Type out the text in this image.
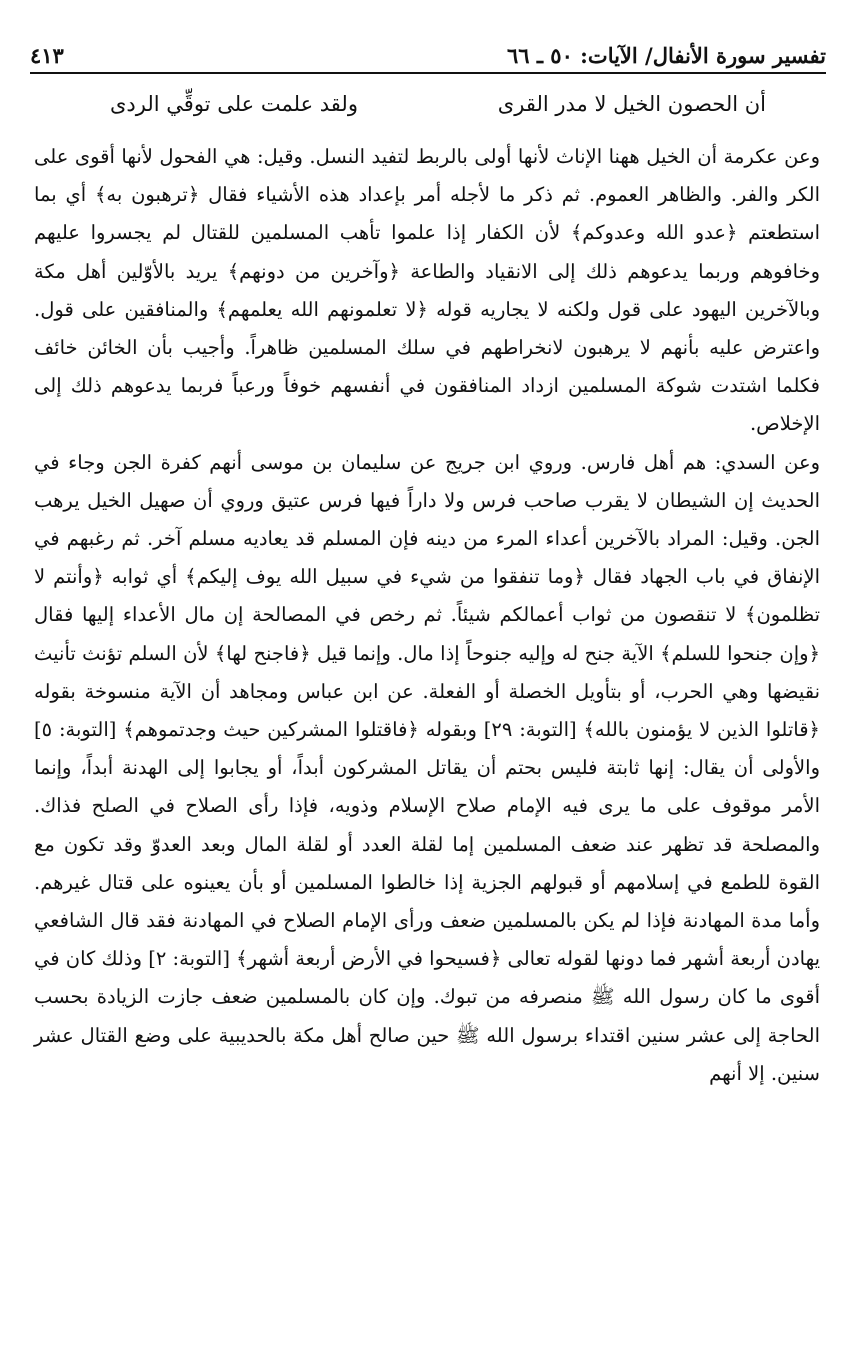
٤١٣	تفسير سورة الأنفال/ الآيات: ٥٠ ـ ٦٦
ولقد علمت على توقِّي الردى	أن الحصون الخيل لا مدر القرى

وعن عكرمة أن الخيل ههنا الإناث لأنها أولى بالربط لتفيد النسل. وقيل: هي الفحول لأنها أقوى على الكر والفر. والظاهر العموم. ثم ذكر ما لأجله أمر بإعداد هذه الأشياء فقال ﴿ترهبون به﴾ أي بما استطعتم ﴿عدو الله وعدوكم﴾ لأن الكفار إذا علموا تأهب المسلمين للقتال لم يجسروا عليهم وخافوهم وربما يدعوهم ذلك إلى الانقياد والطاعة ﴿وآخرين من دونهم﴾ يريد بالأوّلين أهل مكة وبالآخرين اليهود على قول ولكنه لا يجاريه قوله ﴿لا تعلمونهم الله يعلمهم﴾ والمنافقين على قول. واعترض عليه بأنهم لا يرهبون لانخراطهم في سلك المسلمين ظاهراً. وأجيب بأن الخائن خائف فكلما اشتدت شوكة المسلمين ازداد المنافقون في أنفسهم خوفاً ورعباً فربما يدعوهم ذلك إلى الإخلاص.

وعن السدي: هم أهل فارس. وروي ابن جريج عن سليمان بن موسى أنهم كفرة الجن وجاء في الحديث إن الشيطان لا يقرب صاحب فرس ولا داراً فيها فرس عتيق وروي أن صهيل الخيل يرهب الجن. وقيل: المراد بالآخرين أعداء المرء من دينه فإن المسلم قد يعاديه مسلم آخر. ثم رغبهم في الإنفاق في باب الجهاد فقال ﴿وما تنفقوا من شيء في سبيل الله يوف إليكم﴾ أي ثوابه ﴿وأنتم لا تظلمون﴾ لا تنقصون من ثواب أعمالكم شيئاً. ثم رخص في المصالحة إن مال الأعداء إليها فقال ﴿وإن جنحوا للسلم﴾ الآية جنح له وإليه جنوحاً إذا مال. وإنما قيل ﴿فاجنح لها﴾ لأن السلم تؤنث تأنيث نقيضها وهي الحرب، أو بتأويل الخصلة أو الفعلة. عن ابن عباس ومجاهد أن الآية منسوخة بقوله ﴿قاتلوا الذين لا يؤمنون بالله﴾ [التوبة: ٢٩] وبقوله ﴿فاقتلوا المشركين حيث وجدتموهم﴾ [التوبة: ٥] والأولى أن يقال: إنها ثابتة فليس بحتم أن يقاتل المشركون أبداً، أو يجابوا إلى الهدنة أبداً، وإنما الأمر موقوف على ما يرى فيه الإمام صلاح الإسلام وذويه، فإذا رأى الصلاح في الصلح فذاك. والمصلحة قد تظهر عند ضعف المسلمين إما لقلة العدد أو لقلة المال وبعد العدوّ وقد تكون مع القوة للطمع في إسلامهم أو قبولهم الجزية إذا خالطوا المسلمين أو بأن يعينوه على قتال غيرهم. وأما مدة المهادنة فإذا لم يكن بالمسلمين ضعف ورأى الإمام الصلاح في المهادنة فقد قال الشافعي يهادن أربعة أشهر فما دونها لقوله تعالى ﴿فسيحوا في الأرض أربعة أشهر﴾ [التوبة: ٢] وذلك كان في أقوى ما كان رسول الله ﷺ منصرفه من تبوك. وإن كان بالمسلمين ضعف جازت الزيادة بحسب الحاجة إلى عشر سنين اقتداء برسول الله ﷺ حين صالح أهل مكة بالحديبية على وضع القتال عشر سنين. إلا أنهم
